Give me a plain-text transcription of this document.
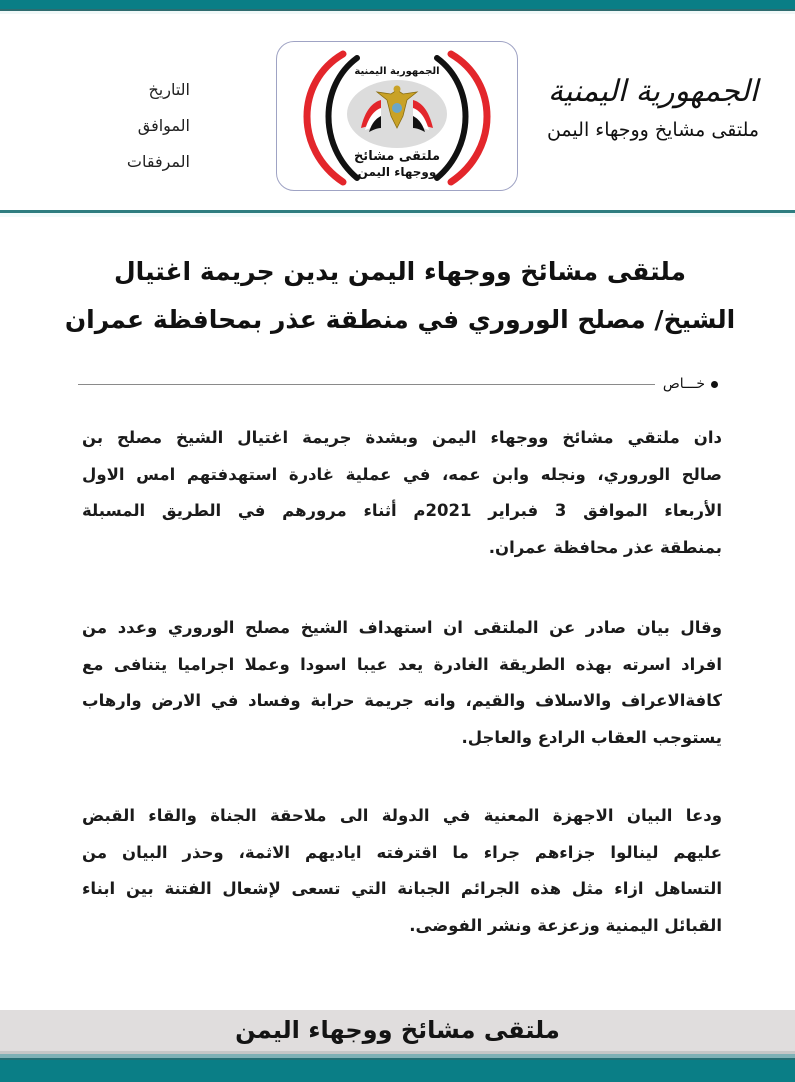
الجمهورية اليمنية
ملتقى مشايخ ووجهاء اليمن
الجمهورية اليمنية
ملتقى مشائخ
ووجهاء اليمن
التاريخ
الموافق
المرفقات
ملتقى مشائخ ووجهاء اليمن يدين جريمة اغتيال
الشيخ/ مصلح الوروري في منطقة عذر بمحافظة عمران
خـــاص
دان ملتقي مشائخ ووجهاء اليمن وبشدة جريمة اغتيال الشيخ مصلح بن
صالح الوروري، ونجله وابن عمه، في عملية غادرة استهدفتهم امس الاول
الأربعاء الموافق 3 فبراير 2021م أثناء مرورهم في الطريق المسبلة
بمنطقة عذر محافظة عمران.
وقال بيان صادر عن الملتقى ان استهداف الشيخ مصلح الوروري وعدد من
افراد اسرته بهذه الطريقة الغادرة يعد عيبا اسودا وعملا اجراميا يتنافى مع
كافةالاعراف والاسلاف والقيم، وانه جريمة حرابة وفساد في الارض وارهاب
يستوجب العقاب الرادع والعاجل.
ودعا البيان الاجهزة المعنية في الدولة الى ملاحقة الجناة والقاء القبض
عليهم لينالوا جزاءهم جراء ما اقترفته اياديهم الاثمة، وحذر البيان من
التساهل ازاء مثل هذه الجرائم الجبانة التي تسعى لإشعال الفتنة بين ابناء
القبائل اليمنية وزعزعة ونشر الفوضى.
ملتقى مشائخ ووجهاء اليمن
